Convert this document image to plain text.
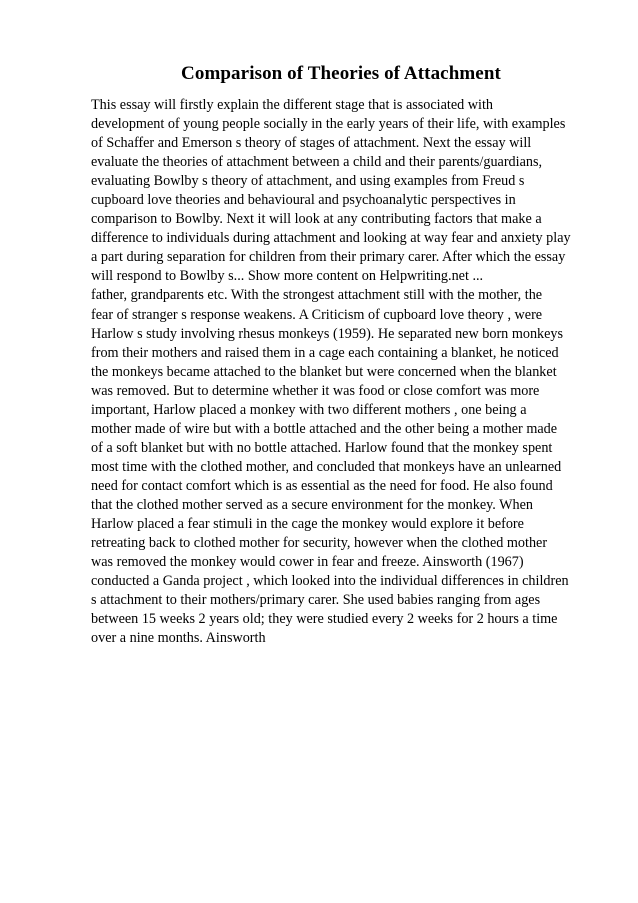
Comparison of Theories of Attachment
This essay will firstly explain the different stage that is associated with
development of young people socially in the early years of their life, with examples
of Schaffer and Emerson s theory of stages of attachment. Next the essay will
evaluate the theories of attachment between a child and their parents/guardians,
evaluating Bowlby s theory of attachment, and using examples from Freud s
cupboard love theories and behavioural and psychoanalytic perspectives in
comparison to Bowlby. Next it will look at any contributing factors that make a
difference to individuals during attachment and looking at way fear and anxiety play
a part during separation for children from their primary carer. After which the essay
will respond to Bowlby s... Show more content on Helpwriting.net ...
father, grandparents etc. With the strongest attachment still with the mother, the
fear of stranger s response weakens. A Criticism of cupboard love theory , were
Harlow s study involving rhesus monkeys (1959). He separated new born monkeys
from their mothers and raised them in a cage each containing a blanket, he noticed
the monkeys became attached to the blanket but were concerned when the blanket
was removed. But to determine whether it was food or close comfort was more
important, Harlow placed a monkey with two different mothers , one being a
mother made of wire but with a bottle attached and the other being a mother made
of a soft blanket but with no bottle attached. Harlow found that the monkey spent
most time with the clothed mother, and concluded that monkeys have an unlearned
need for contact comfort which is as essential as the need for food. He also found
that the clothed mother served as a secure environment for the monkey. When
Harlow placed a fear stimuli in the cage the monkey would explore it before
retreating back to clothed mother for security, however when the clothed mother
was removed the monkey would cower in fear and freeze. Ainsworth (1967)
conducted a Ganda project , which looked into the individual differences in children
s attachment to their mothers/primary carer. She used babies ranging from ages
between 15 weeks 2 years old; they were studied every 2 weeks for 2 hours a time
over a nine months. Ainsworth
